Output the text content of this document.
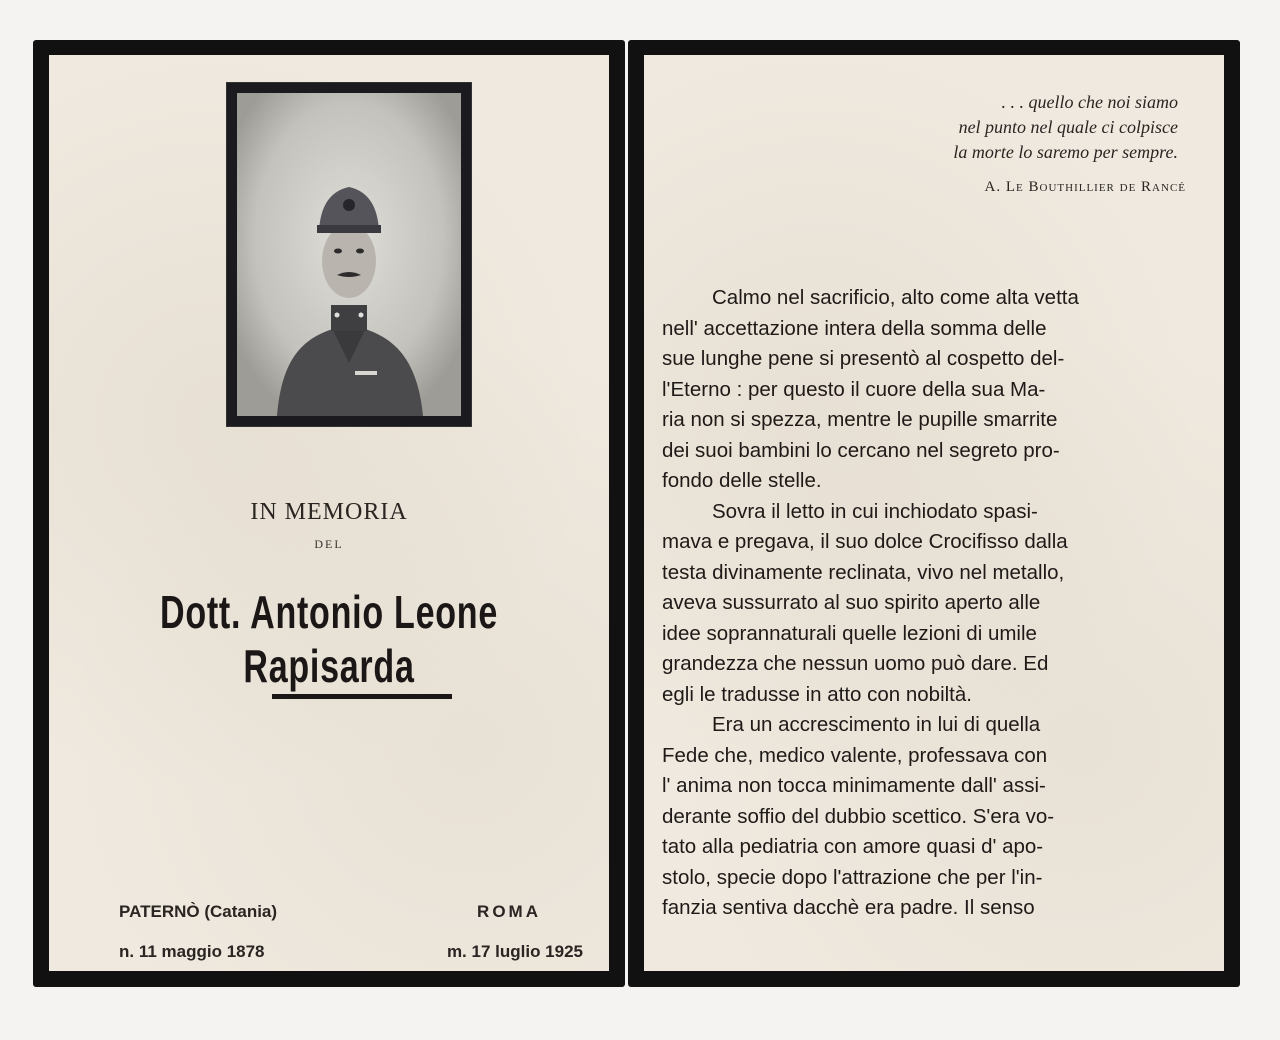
IN MEMORIA
DEL
Dott. Antonio Leone Rapisarda
PATERNÒ (Catania)
n. 11 maggio 1878
ROMA
m. 17 luglio 1925
. . . quello che noi siamo
nel punto nel quale ci colpisce
la morte lo saremo per sempre.
A. Le Bouthillier de Rancé
Calmo nel sacrificio, alto come alta vetta
nell' accettazione intera della somma delle
sue lunghe pene si presentò al cospetto del-
l'Eterno : per questo il cuore della sua Ma-
ria non si spezza, mentre le pupille smarrite
dei suoi bambini lo cercano nel segreto pro-
fondo delle stelle.
Sovra il letto in cui inchiodato spasi-
mava e pregava, il suo dolce Crocifisso dalla
testa divinamente reclinata, vivo nel metallo,
aveva sussurrato al suo spirito aperto alle
idee soprannaturali quelle lezioni di umile
grandezza che nessun uomo può dare. Ed
egli le tradusse in atto con nobiltà.
Era un accrescimento in lui di quella
Fede che, medico valente, professava con
l' anima non tocca minimamente dall' assi-
derante soffio del dubbio scettico. S'era vo-
tato alla pediatria con amore quasi d' apo-
stolo, specie dopo l'attrazione che per l'in-
fanzia sentiva dacchè era padre. Il senso
